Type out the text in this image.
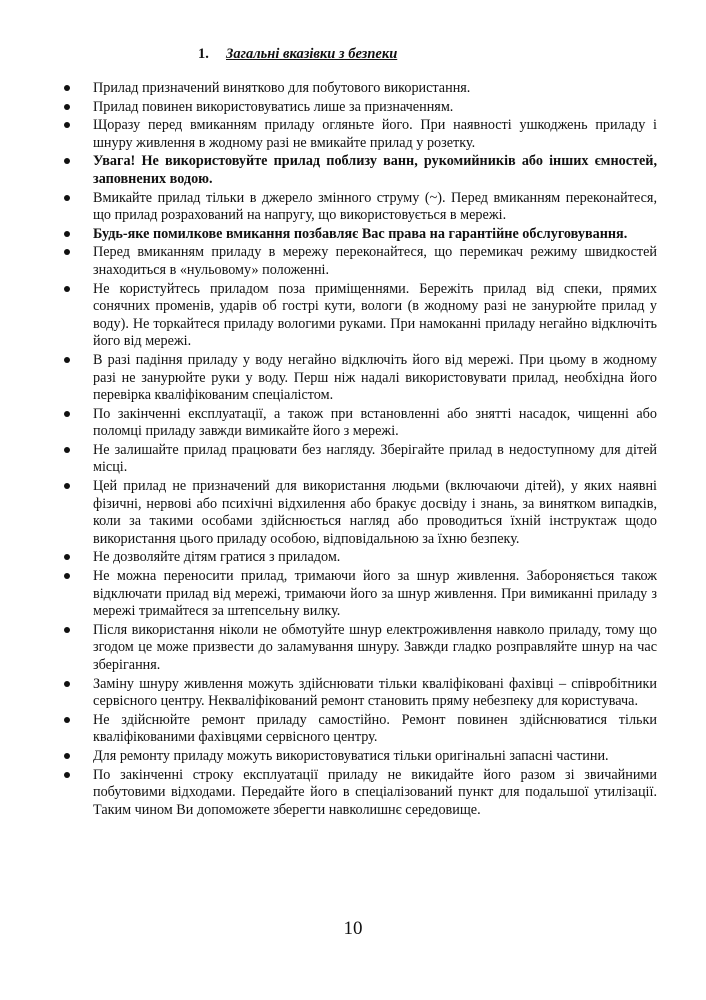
1. Загальні вказівки з безпеки
Прилад призначений винятково для побутового використання.
Прилад повинен використовуватись лише за призначенням.
Щоразу перед вмиканням приладу огляньте його. При наявності ушкоджень приладу і шнуру живлення в жодному разі не вмикайте прилад у розетку.
Увага! Не використовуйте прилад поблизу ванн, рукомийників або інших ємностей, заповнених водою.
Вмикайте прилад тільки в джерело змінного струму (~). Перед вмиканням переконайтеся, що прилад розрахований на напругу, що використовується в мережі.
Будь-яке помилкове вмикання позбавляє Вас права на гарантійне обслуговування.
Перед вмиканням приладу в мережу переконайтеся, що перемикач режиму швидкостей знаходиться в «нульовому» положенні.
Не користуйтесь приладом поза приміщеннями. Бережіть прилад від спеки, прямих сонячних променів, ударів об гострі кути, вологи (в жодному разі не занурюйте прилад у воду). Не торкайтеся приладу вологими руками. При намоканні приладу негайно відключіть його від мережі.
В разі падіння приладу у воду негайно відключіть його від мережі. При цьому в жодному разі не занурюйте руки у воду. Перш ніж надалі використовувати прилад, необхідна його перевірка кваліфікованим спеціалістом.
По закінченні експлуатації, а також при встановленні або знятті насадок, чищенні або поломці приладу завжди вимикайте його з мережі.
Не залишайте прилад працювати без нагляду. Зберігайте прилад в недоступному для дітей місці.
Цей прилад не призначений для використання людьми (включаючи дітей), у яких наявні фізичні, нервові або психічні відхилення або бракує досвіду і знань, за винятком випадків, коли за такими особами здійснюється нагляд або проводиться їхній інструктаж щодо використання цього приладу особою, відповідальною за їхню безпеку.
Не дозволяйте дітям гратися з приладом.
Не можна переносити прилад, тримаючи його за шнур живлення. Забороняється також відключати прилад від мережі, тримаючи його за шнур живлення. При вимиканні приладу з мережі тримайтеся за штепсельну вилку.
Після використання ніколи не обмотуйте шнур електроживлення навколо приладу, тому що згодом це може призвести до заламування шнуру. Завжди гладко розправляйте шнур на час зберігання.
Заміну шнуру живлення можуть здійснювати тільки кваліфіковані фахівці – співробітники сервісного центру. Некваліфікований ремонт становить пряму небезпеку для користувача.
Не здійснюйте ремонт приладу самостійно. Ремонт повинен здійснюватися тільки кваліфікованими фахівцями сервісного центру.
Для ремонту приладу можуть використовуватися тільки оригінальні запасні частини.
По закінченні строку експлуатації приладу не викидайте його разом зі звичайними побутовими відходами. Передайте його в спеціалізований пункт для подальшої утилізації. Таким чином Ви допоможете зберегти навколишнє середовище.
10
